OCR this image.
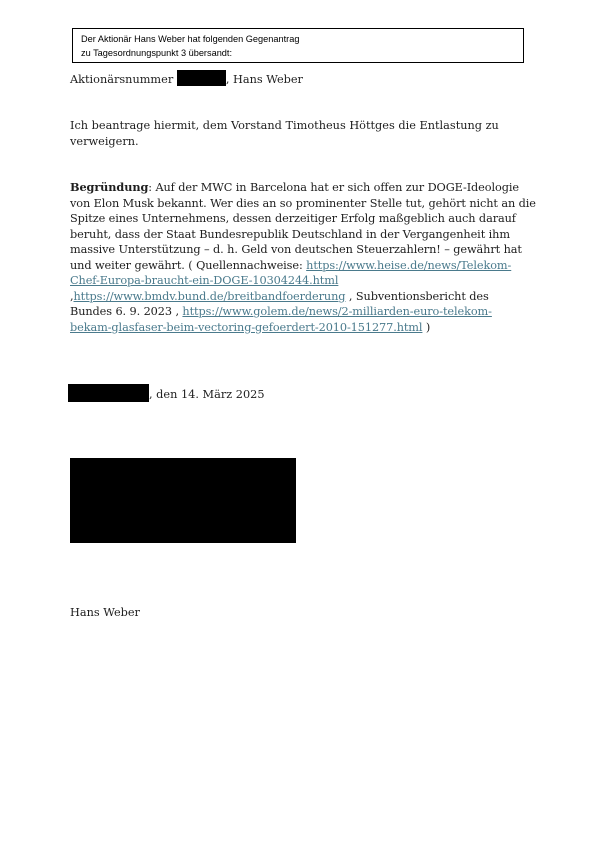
Der Aktionär Hans Weber hat folgenden Gegenantrag
zu Tagesordnungspunkt 3 übersandt:
Aktionärsnummer	, Hans Weber
Ich beantrage hiermit, dem Vorstand Timotheus Höttges die Entlastung zu
verweigern.
Begründung: Auf der MWC in Barcelona hat er sich offen zur DOGE-Ideologie
von Elon Musk bekannt. Wer dies an so prominenter Stelle tut, gehört nicht an die
Spitze eines Unternehmens, dessen derzeitiger Erfolg maßgeblich auch darauf
beruht, dass der Staat Bundesrepublik Deutschland in der Vergangenheit ihm
massive Unterstützung – d. h. Geld von deutschen Steuerzahlern! – gewährt hat
und weiter gewährt. ( Quellennachweise: https://www.heise.de/news/Telekom-
Chef-Europa-braucht-ein-DOGE-10304244.html
,https://www.bmdv.bund.de/breitbandfoerderung , Subventionsbericht des
Bundes 6. 9. 2023 , https://www.golem.de/news/2-milliarden-euro-telekom-
bekam-glasfaser-beim-vectoring-gefoerdert-2010-151277.html )
, den 14. März 2025
Hans Weber
